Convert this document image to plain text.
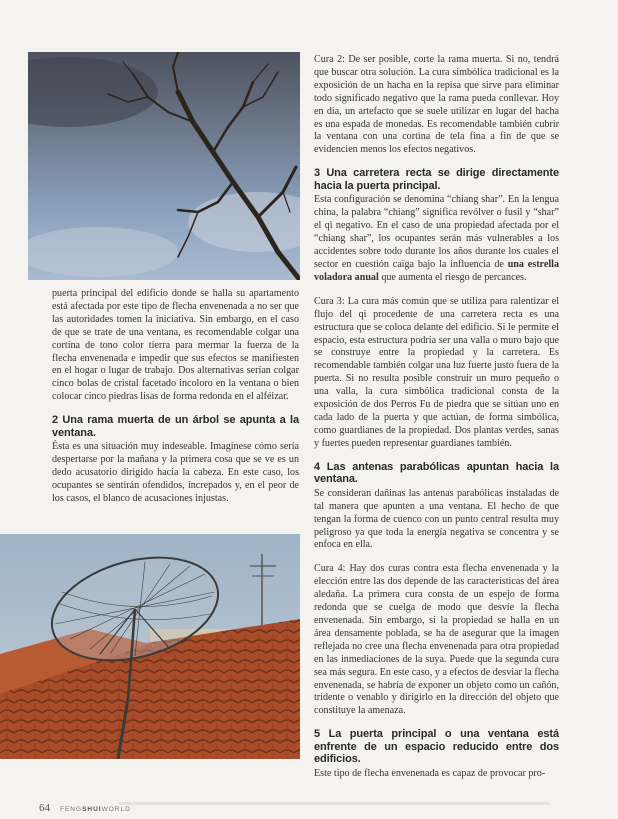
puerta principal del edificio donde se halla su apartamento está afectada por este tipo de flecha envenenada a no ser que las autoridades tomen la iniciativa. Sin embargo, en el caso de que se trate de una ventana, es recomendable colgar una cortina de tono color tierra para mermar la fuerza de la flecha envenenada e impedir que sus efectos se manifiesten en el hogar o lugar de trabajo. Dos alternativas serían colgar cinco bolas de cristal facetado incoloro en la ventana o bien colocar cinco piedras lisas de forma redonda en el alféizar.

2 Una rama muerta de un árbol se apunta a la ventana.

Ésta es una situación muy indeseable. Imagínese cómo sería despertarse por la mañana y la primera cosa que se ve es un dedo acusatorio dirigido hacia la cabeza. En este caso, los ocupantes se sentirán ofendidos, increpados y, en el peor de los casos, el blanco de acusaciones injustas.

Cura 2: De ser posible, corte la rama muerta. Si no, tendrá que buscar otra solución. La cura simbólica tradicional es la exposición de un hacha en la repisa que sirve para eliminar todo significado negativo que la rama pueda conllevar. Hoy en día, un artefacto que se suele utilizar en lugar del hacha es una espada de monedas. Es recomendable también cubrir la ventana con una cortina de tela fina a fin de que se evidencien menos los efectos negativos.

3 Una carretera recta se dirige directamente hacia la puerta principal.

Esta configuración se denomina “chiang shar”. En la lengua china, la palabra “chiang” significa revólver o fusil y “shar” el qi negativo. En el caso de una propiedad afectada por el “chiang shar”, los ocupantes serán más vulnerables a los accidentes sobre todo durante los años durante los cuales el sector en cuestión caiga bajo la influencia de una estrella voladora anual que aumenta el riesgo de percances.

Cura 3: La cura más común que se utiliza para ralentizar el flujo del qi procedente de una carretera recta es una estructura que se coloca delante del edificio. Si le permite el espacio, esta estructura podría ser una valla o muro bajo que se construye entre la propiedad y la carretera. Es recomendable también colgar una luz fuerte justo fuera de la puerta. Si no resulta posible construir un muro pequeño o una valla, la cura simbólica tradicional consta de la exposición de dos Perros Fu de piedra que se sitúan uno en cada lado de la puerta y que actúan, de forma simbólica, como guardianes de la propiedad. Dos plantas verdes, sanas y fuertes pueden representar guardianes también.

4 Las antenas parabólicas apuntan hacia la ventana.

Se consideran dañinas las antenas parabólicas instaladas de tal manera que apunten a una ventana. El hecho de que tengan la forma de cuenco con un punto central resulta muy peligroso ya que toda la energía negativa se concentra y se enfoca en ella.

Cura 4: Hay dos curas contra esta flecha envenenada y la elección entre las dos depende de las características del área aledaña. La primera cura consta de un espejo de forma redonda que se cuelga de modo que desvíe la flecha envenenada. Sin embargo, si la propiedad se halla en un área densamente poblada, se ha de asegurar que la imagen reflejada no cree una flecha envenenada para otra propiedad en las inmediaciones de la suya. Puede que la segunda cura sea más segura. En este caso, y a efectos de desviar la flecha envenenada, se habría de exponer un objeto como un cañón, tridente o venablo y dirigirlo en la dirección del objeto que constituye la amenaza.

5 La puerta principal o una ventana está enfrente de un espacio reducido entre dos edificios.

Este tipo de flecha envenenada es capaz de provocar pro-

64 FENGSHUIWORLD
